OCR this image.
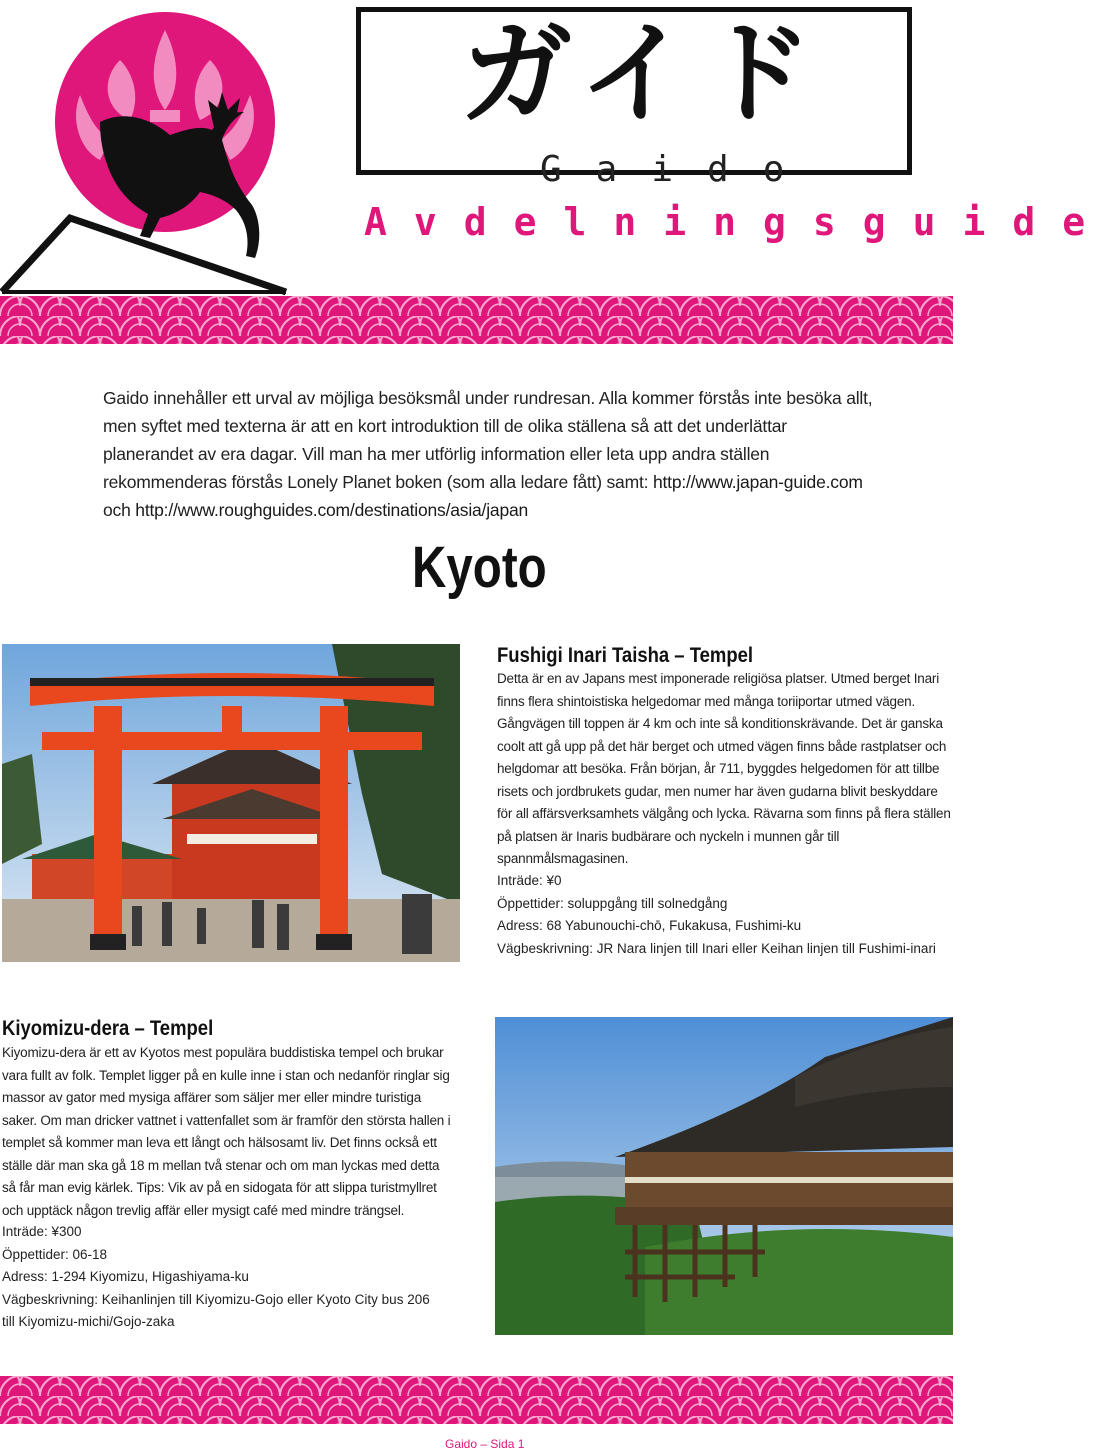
ガイド
Gaido
Avdelningsguide
Gaido innehåller ett urval av möjliga besöksmål under rundresan. Alla kommer förstås inte besöka allt, men syftet med texterna är att en kort introduktion till de olika ställena så att det underlättar planerandet av era dagar. Vill man ha mer utförlig information eller leta upp andra ställen rekommenderas förstås Lonely Planet boken (som alla ledare fått) samt: http://www.japan-guide.com och http://www.roughguides.com/destinations/asia/japan
Kyoto
Fushigi Inari Taisha – Tempel

Detta är en av Japans mest imponerade religiösa platser. Utmed berget Inari finns flera shintoistiska helgedomar med många toriiportar utmed vägen. Gångvägen till toppen är 4 km och inte så konditionskrävande. Det är ganska coolt att gå upp på det här berget och utmed vägen finns både rastplatser och helgdomar att besöka. Från början, år 711, byggdes helgedomen för att tillbe risets och jordbrukets gudar, men numer har även gudarna blivit beskyddare för all affärsverksamhets välgång och lycka. Rävarna som finns på flera ställen på platsen är Inaris budbärare och nyckeln i munnen går till spannmålsmagasinen.

Inträde: ¥0
Öppettider: soluppgång till solnedgång
Adress: 68 Yabunouchi-chō, Fukakusa, Fushimi-ku
Vägbeskrivning: JR Nara linjen till Inari eller Keihan linjen till Fushimi-inari
Kiyomizu-dera – Tempel

Kiyomizu-dera är ett av Kyotos mest populära buddistiska tempel och brukar vara fullt av folk. Templet ligger på en kulle inne i stan och nedanför ringlar sig massor av gator med mysiga affärer som säljer mer eller mindre turistiga saker. Om man dricker vattnet i vattenfallet som är framför den största hallen i templet så kommer man leva ett långt och hälsosamt liv. Det finns också ett ställe där man ska gå 18 m mellan två stenar och om man lyckas med detta så får man evig kärlek. Tips: Vik av på en sidogata för att slippa turistmyllret och upptäck någon trevlig affär eller mysigt café med mindre trängsel.

Inträde: ¥300
Öppettider: 06-18
Adress: 1-294 Kiyomizu, Higashiyama-ku
Vägbeskrivning: Keihanlinjen till Kiyomizu-Gojo eller Kyoto City bus 206 till Kiyomizu-michi/Gojo-zaka
Gaido – Sida 1
